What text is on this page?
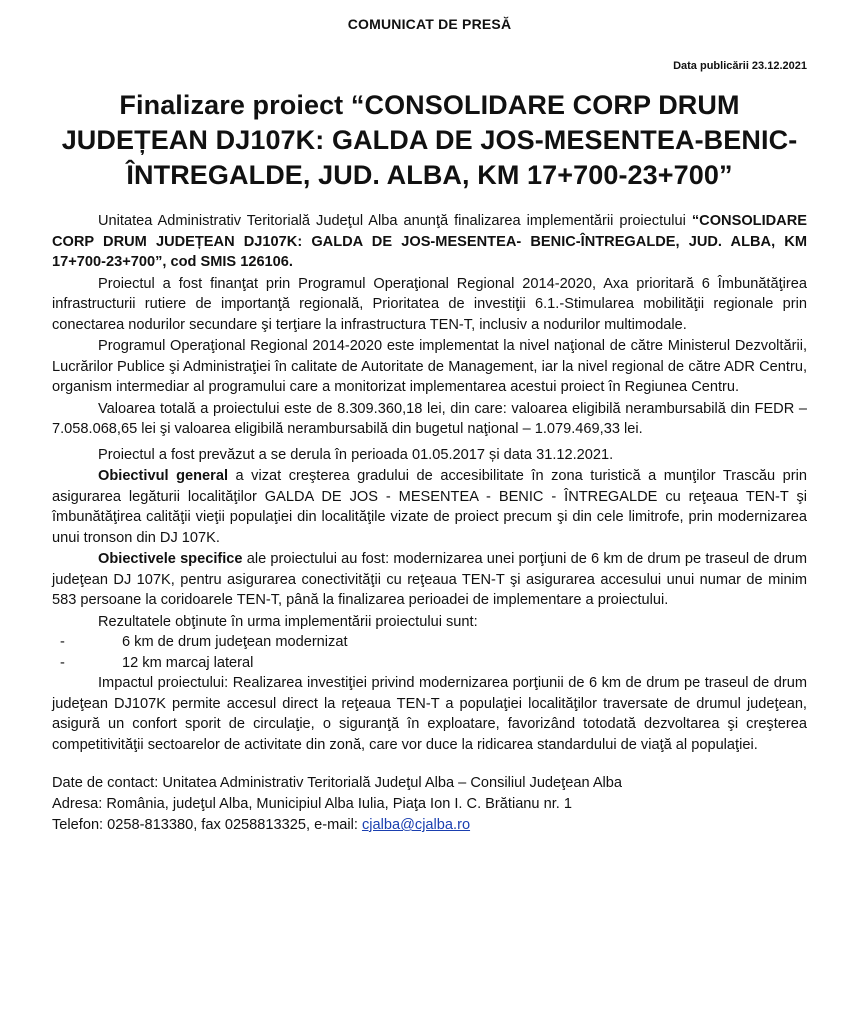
COMUNICAT DE PRESĂ
Data publicării 23.12.2021
Finalizare proiect “CONSOLIDARE CORP DRUM JUDEȚEAN DJ107K: GALDA DE JOS-MESENTEA-BENIC-ÎNTREGALDE, JUD. ALBA, KM 17+700-23+700”

Unitatea Administrativ Teritorială Judeţul Alba anunţă finalizarea implementării proiectului “CONSOLIDARE CORP DRUM JUDEȚEAN DJ107K: GALDA DE JOS-MESENTEA- BENIC-ÎNTREGALDE, JUD. ALBA, KM 17+700-23+700”, cod SMIS 126106.

Proiectul a fost finanţat prin Programul Operaţional Regional 2014-2020, Axa prioritară 6 Îmbunătăţirea infrastructurii rutiere de importanţă regională, Prioritatea de investiţii 6.1.-Stimularea mobilităţii regionale prin conectarea nodurilor secundare şi terţiare la infrastructura TEN-T, inclusiv a nodurilor multimodale.

Programul Operaţional Regional 2014-2020 este implementat la nivel naţional de către Ministerul Dezvoltării, Lucrărilor Publice şi Administraţiei în calitate de Autoritate de Management, iar la nivel regional de către ADR Centru, organism intermediar al programului care a monitorizat implementarea acestui proiect în Regiunea Centru.

Valoarea totală a proiectului este de 8.309.360,18 lei, din care: valoarea eligibilă nerambursabilă din FEDR – 7.058.068,65 lei şi valoarea eligibilă nerambursabilă din bugetul naţional – 1.079.469,33 lei.

Proiectul a fost prevăzut a se derula în perioada 01.05.2017 și data 31.12.2021.

Obiectivul general a vizat creşterea gradului de accesibilitate în zona turistică a munţilor Trascău prin asigurarea legăturii localităţilor GALDA DE JOS - MESENTEA - BENIC - ÎNTREGALDE cu reţeaua TEN-T şi îmbunătăţirea calităţii vieţii populaţiei din localităţile vizate de proiect precum şi din cele limitrofe, prin modernizarea unui tronson din DJ 107K.

Obiectivele specifice ale proiectului au fost: modernizarea unei porţiuni de 6 km de drum pe traseul de drum judeţean DJ 107K, pentru asigurarea conectivităţii cu reţeaua TEN-T şi asigurarea accesului unui numar de minim 583 persoane la coridoarele TEN-T, până la finalizarea perioadei de implementare a proiectului.

Rezultatele obţinute în urma implementării proiectului sunt:

-	6 km de drum judeţean modernizat
-	12 km marcaj lateral

Impactul proiectului: Realizarea investiţiei privind modernizarea porţiunii de 6 km de drum pe traseul de drum judeţean DJ107K permite accesul direct la reţeaua TEN-T a populaţiei localităţilor traversate de drumul judeţean, asigură un confort sporit de circulaţie, o siguranţă în exploatare, favorizând totodată dezvoltarea şi creşterea competitivităţii sectoarelor de activitate din zonă, care vor duce la ridicarea standardului de viaţă al populaţiei.

Date de contact: Unitatea Administrativ Teritorială Judeţul Alba – Consiliul Judeţean Alba
Adresa: România, judeţul Alba, Municipiul Alba Iulia, Piaţa Ion I. C. Brătianu nr. 1
Telefon: 0258-813380, fax 0258813325, e-mail: cjalba@cjalba.ro
